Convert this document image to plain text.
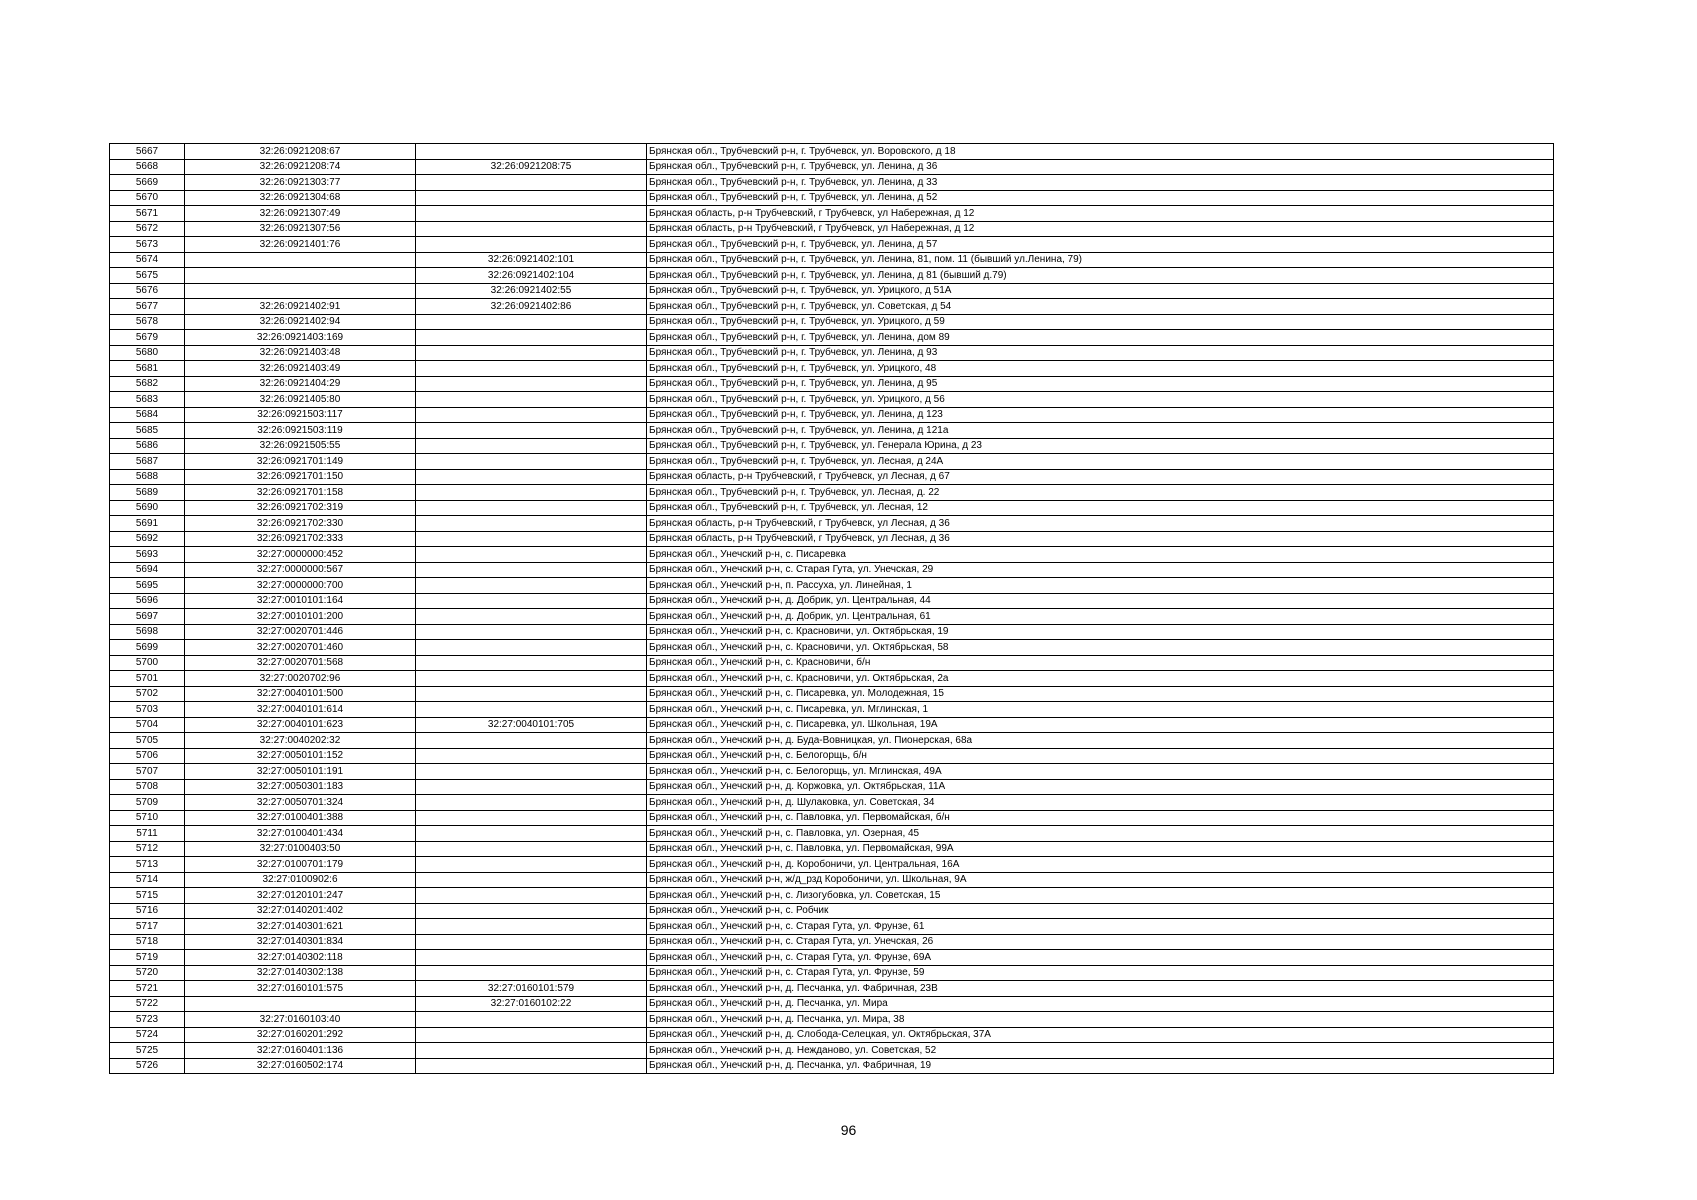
5667	32:26:0921208:67		Брянская обл., Трубчевский р-н, г. Трубчевск, ул. Воровского, д 18
5668	32:26:0921208:74	32:26:0921208:75	Брянская обл., Трубчевский р-н, г. Трубчевск, ул. Ленина, д 36
5669	32:26:0921303:77		Брянская обл., Трубчевский р-н, г. Трубчевск, ул. Ленина, д 33
5670	32:26:0921304:68		Брянская обл., Трубчевский р-н, г. Трубчевск, ул. Ленина, д 52
5671	32:26:0921307:49		Брянская область, р-н Трубчевский, г Трубчевск, ул Набережная, д 12
5672	32:26:0921307:56		Брянская область, р-н Трубчевский, г Трубчевск, ул Набережная, д 12
5673	32:26:0921401:76		Брянская обл., Трубчевский р-н, г. Трубчевск, ул. Ленина, д 57
5674		32:26:0921402:101	Брянская обл., Трубчевский р-н, г. Трубчевск, ул. Ленина, 81, пом. 11 (бывший ул.Ленина, 79)
5675		32:26:0921402:104	Брянская обл., Трубчевский р-н, г. Трубчевск, ул. Ленина, д 81 (бывший д.79)
5676		32:26:0921402:55	Брянская обл., Трубчевский р-н, г. Трубчевск, ул. Урицкого, д 51А
5677	32:26:0921402:91	32:26:0921402:86	Брянская обл., Трубчевский р-н, г. Трубчевск, ул. Советская, д 54
5678	32:26:0921402:94		Брянская обл., Трубчевский р-н, г. Трубчевск, ул. Урицкого, д 59
5679	32:26:0921403:169		Брянская обл., Трубчевский р-н, г. Трубчевск, ул. Ленина, дом 89
5680	32:26:0921403:48		Брянская обл., Трубчевский р-н, г. Трубчевск, ул. Ленина, д 93
5681	32:26:0921403:49		Брянская обл., Трубчевский р-н, г. Трубчевск, ул. Урицкого, 48
5682	32:26:0921404:29		Брянская обл., Трубчевский р-н, г. Трубчевск, ул. Ленина, д 95
5683	32:26:0921405:80		Брянская обл., Трубчевский р-н, г. Трубчевск, ул. Урицкого, д 56
5684	32:26:0921503:117		Брянская обл., Трубчевский р-н, г. Трубчевск, ул. Ленина, д 123
5685	32:26:0921503:119		Брянская обл., Трубчевский р-н, г. Трубчевск, ул. Ленина, д 121а
5686	32:26:0921505:55		Брянская обл., Трубчевский р-н, г. Трубчевск, ул. Генерала Юрина, д 23
5687	32:26:0921701:149		Брянская обл., Трубчевский р-н, г. Трубчевск, ул. Лесная, д 24А
5688	32:26:0921701:150		Брянская область, р-н Трубчевский, г Трубчевск, ул Лесная, д 67
5689	32:26:0921701:158		Брянская обл., Трубчевский р-н, г. Трубчевск, ул. Лесная, д. 22
5690	32:26:0921702:319		Брянская обл., Трубчевский р-н, г. Трубчевск, ул. Лесная, 12
5691	32:26:0921702:330		Брянская область, р-н Трубчевский, г Трубчевск, ул Лесная, д 36
5692	32:26:0921702:333		Брянская область, р-н Трубчевский, г Трубчевск, ул Лесная, д 36
5693	32:27:0000000:452		Брянская обл., Унечский р-н, с. Писаревка
5694	32:27:0000000:567		Брянская обл., Унечский р-н, с. Старая Гута, ул. Унечская, 29
5695	32:27:0000000:700		Брянская обл., Унечский р-н, п. Рассуха, ул. Линейная, 1
5696	32:27:0010101:164		Брянская обл., Унечский р-н, д. Добрик, ул. Центральная, 44
5697	32:27:0010101:200		Брянская обл., Унечский р-н, д. Добрик, ул. Центральная, 61
5698	32:27:0020701:446		Брянская обл., Унечский р-н, с. Красновичи, ул. Октябрьская, 19
5699	32:27:0020701:460		Брянская обл., Унечский р-н, с. Красновичи, ул. Октябрьская, 58
5700	32:27:0020701:568		Брянская обл., Унечский р-н, с. Красновичи, б/н
5701	32:27:0020702:96		Брянская обл., Унечский р-н, с. Красновичи, ул. Октябрьская, 2а
5702	32:27:0040101:500		Брянская обл., Унечский р-н, с. Писаревка, ул. Молодежная, 15
5703	32:27:0040101:614		Брянская обл., Унечский р-н, с. Писаревка, ул. Мглинская, 1
5704	32:27:0040101:623	32:27:0040101:705	Брянская обл., Унечский р-н, с. Писаревка, ул. Школьная, 19А
5705	32:27:0040202:32		Брянская обл., Унечский р-н, д. Буда-Вовницкая, ул. Пионерская, 68а
5706	32:27:0050101:152		Брянская обл., Унечский р-н, с. Белогорщь, б/н
5707	32:27:0050101:191		Брянская обл., Унечский р-н, с. Белогорщь, ул. Мглинская, 49А
5708	32:27:0050301:183		Брянская обл., Унечский р-н, д. Коржовка, ул. Октябрьская, 11А
5709	32:27:0050701:324		Брянская обл., Унечский р-н, д. Шулаковка, ул. Советская, 34
5710	32:27:0100401:388		Брянская обл., Унечский р-н, с. Павловка, ул. Первомайская, б/н
5711	32:27:0100401:434		Брянская обл., Унечский р-н, с. Павловка, ул. Озерная, 45
5712	32:27:0100403:50		Брянская обл., Унечский р-н, с. Павловка, ул. Первомайская, 99А
5713	32:27:0100701:179		Брянская обл., Унечский р-н, д. Коробоничи, ул. Центральная, 16А
5714	32:27:0100902:6		Брянская обл., Унечский р-н, ж/д_рзд Коробоничи, ул. Школьная, 9А
5715	32:27:0120101:247		Брянская обл., Унечский р-н, с. Лизогубовка, ул. Советская, 15
5716	32:27:0140201:402		Брянская обл., Унечский р-н, с. Робчик
5717	32:27:0140301:621		Брянская обл., Унечский р-н, с. Старая Гута, ул. Фрунзе, 61
5718	32:27:0140301:834		Брянская обл., Унечский р-н, с. Старая Гута, ул. Унечская, 26
5719	32:27:0140302:118		Брянская обл., Унечский р-н, с. Старая Гута, ул. Фрунзе, 69А
5720	32:27:0140302:138		Брянская обл., Унечский р-н, с. Старая Гута, ул. Фрунзе, 59
5721	32:27:0160101:575	32:27:0160101:579	Брянская обл., Унечский р-н, д. Песчанка, ул. Фабричная, 23В
5722		32:27:0160102:22	Брянская обл., Унечский р-н, д. Песчанка, ул. Мира
5723	32:27:0160103:40		Брянская обл., Унечский р-н, д. Песчанка, ул. Мира, 38
5724	32:27:0160201:292		Брянская обл., Унечский р-н, д. Слобода-Селецкая, ул. Октябрьская, 37А
5725	32:27:0160401:136		Брянская обл., Унечский р-н, д. Нежданово, ул. Советская, 52
5726	32:27:0160502:174		Брянская обл., Унечский р-н, д. Песчанка, ул. Фабричная, 19
96
